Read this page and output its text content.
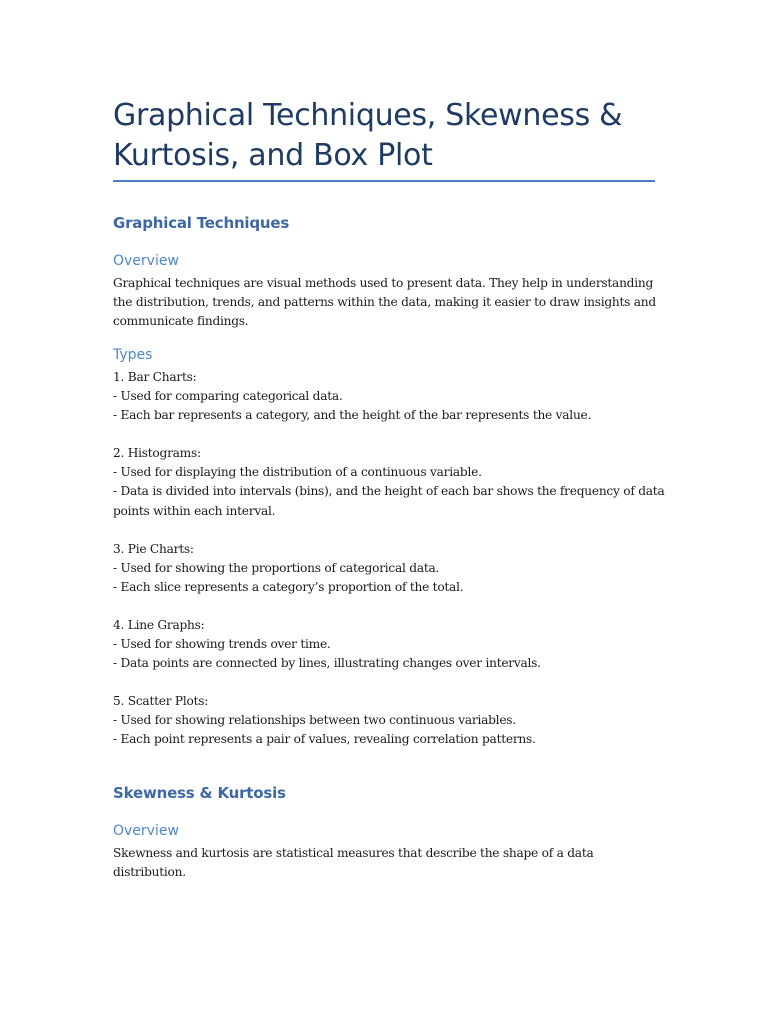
Graphical Techniques, Skewness &
Kurtosis, and Box Plot
Graphical Techniques
Overview

Graphical techniques are visual methods used to present data. They help in understanding
the distribution, trends, and patterns within the data, making it easier to draw insights and
communicate findings.

Types

1. Bar Charts:
- Used for comparing categorical data.
- Each bar represents a category, and the height of the bar represents the value.

2. Histograms:
- Used for displaying the distribution of a continuous variable.
- Data is divided into intervals (bins), and the height of each bar shows the frequency of data
points within each interval.

3. Pie Charts:
- Used for showing the proportions of categorical data.
- Each slice represents a category’s proportion of the total.

4. Line Graphs:
- Used for showing trends over time.
- Data points are connected by lines, illustrating changes over intervals.

5. Scatter Plots:
- Used for showing relationships between two continuous variables.
- Each point represents a pair of values, revealing correlation patterns.

Skewness & Kurtosis
Overview

Skewness and kurtosis are statistical measures that describe the shape of a data
distribution.
